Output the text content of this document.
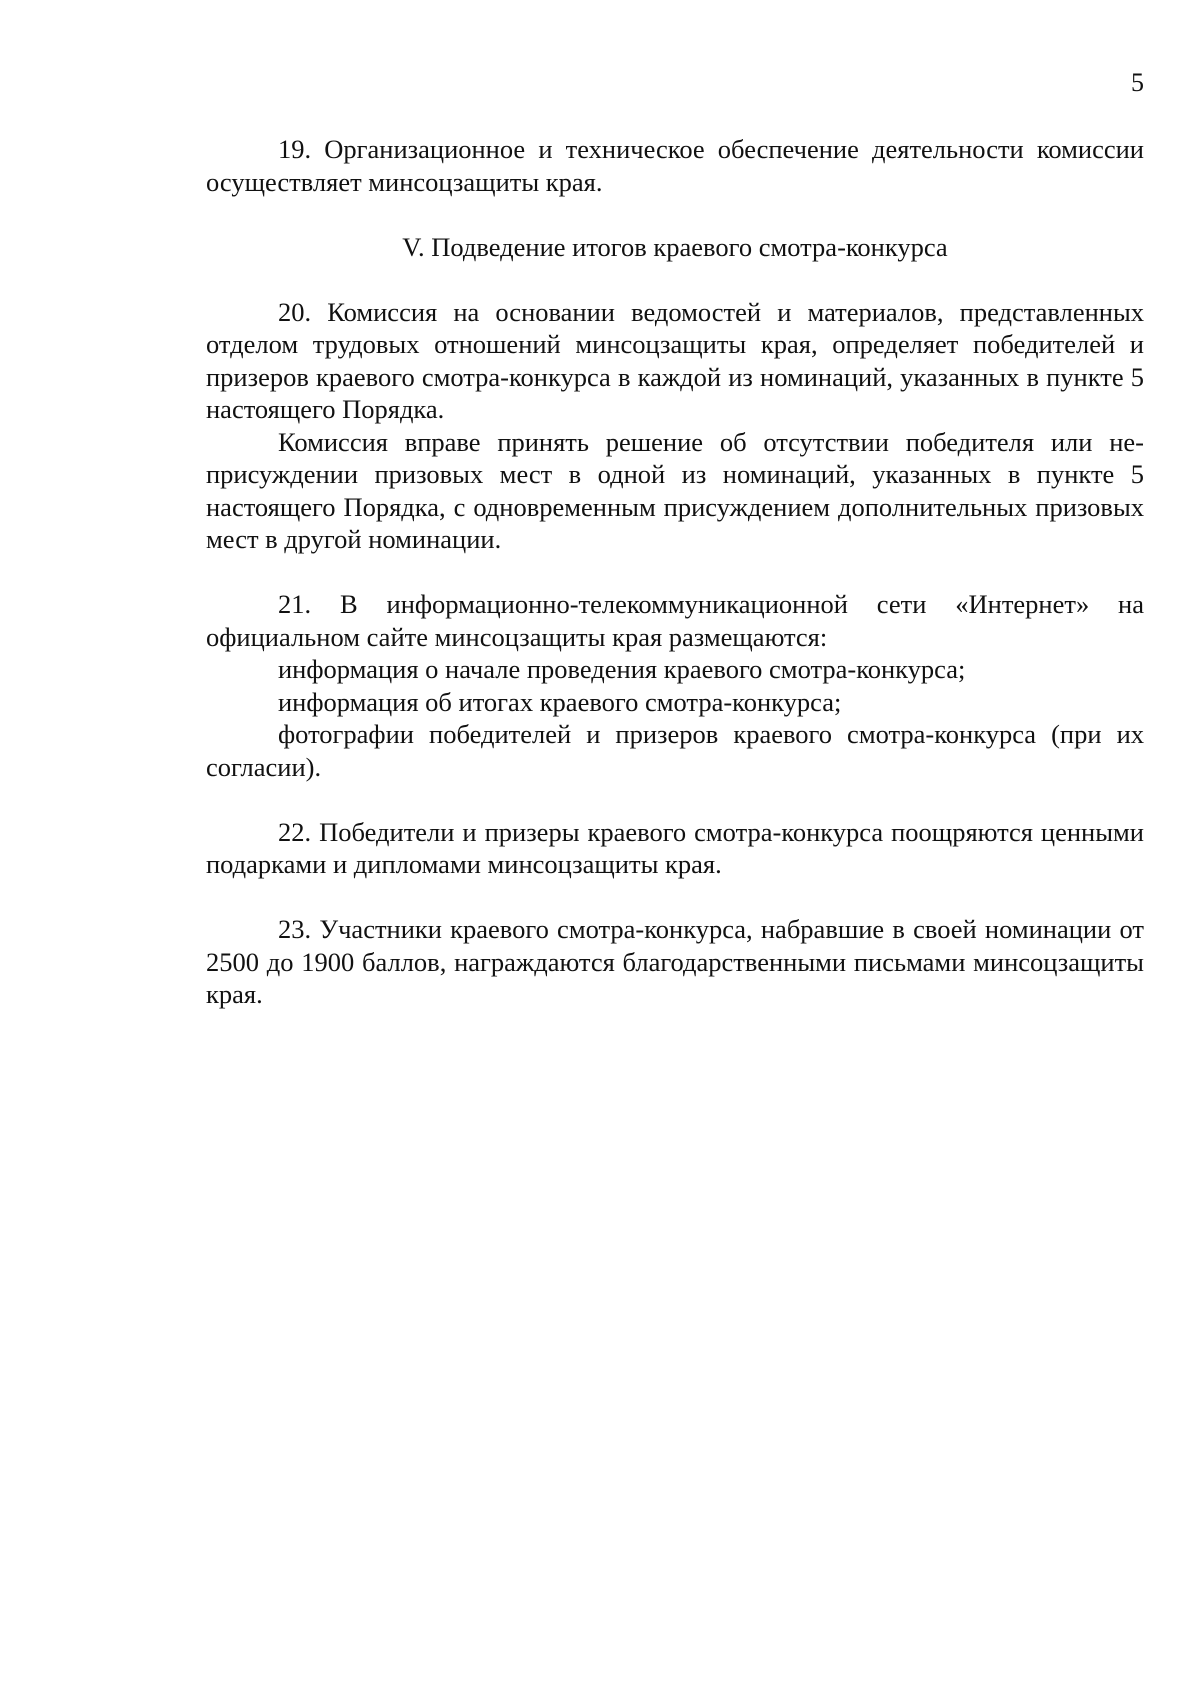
5

19. Организационное и техническое обеспечение деятельности комиссии осуществляет минсоцзащиты края.

V. Подведение итогов краевого смотра-конкурса

20. Комиссия на основании ведомостей и материалов, представленных отделом трудовых отношений минсоцзащиты края, определяет победителей и призеров краевого смотра-конкурса в каждой из номинаций, указанных в пункте 5 настоящего Порядка.

Комиссия вправе принять решение об отсутствии победителя или неприсуждении призовых мест в одной из номинаций, указанных в пункте 5 настоящего Порядка, с одновременным присуждением дополнительных призовых мест в другой номинации.

21. В информационно-телекоммуникационной сети «Интернет» на официальном сайте минсоцзащиты края размещаются:

информация о начале проведения краевого смотра-конкурса;

информация об итогах краевого смотра-конкурса;

фотографии победителей и призеров краевого смотра-конкурса (при их согласии).

22. Победители и призеры краевого смотра-конкурса поощряются ценными подарками и дипломами минсоцзащиты края.

23. Участники краевого смотра-конкурса, набравшие в своей номинации от 2500 до 1900 баллов, награждаются благодарственными письмами минсоцзащиты края.
